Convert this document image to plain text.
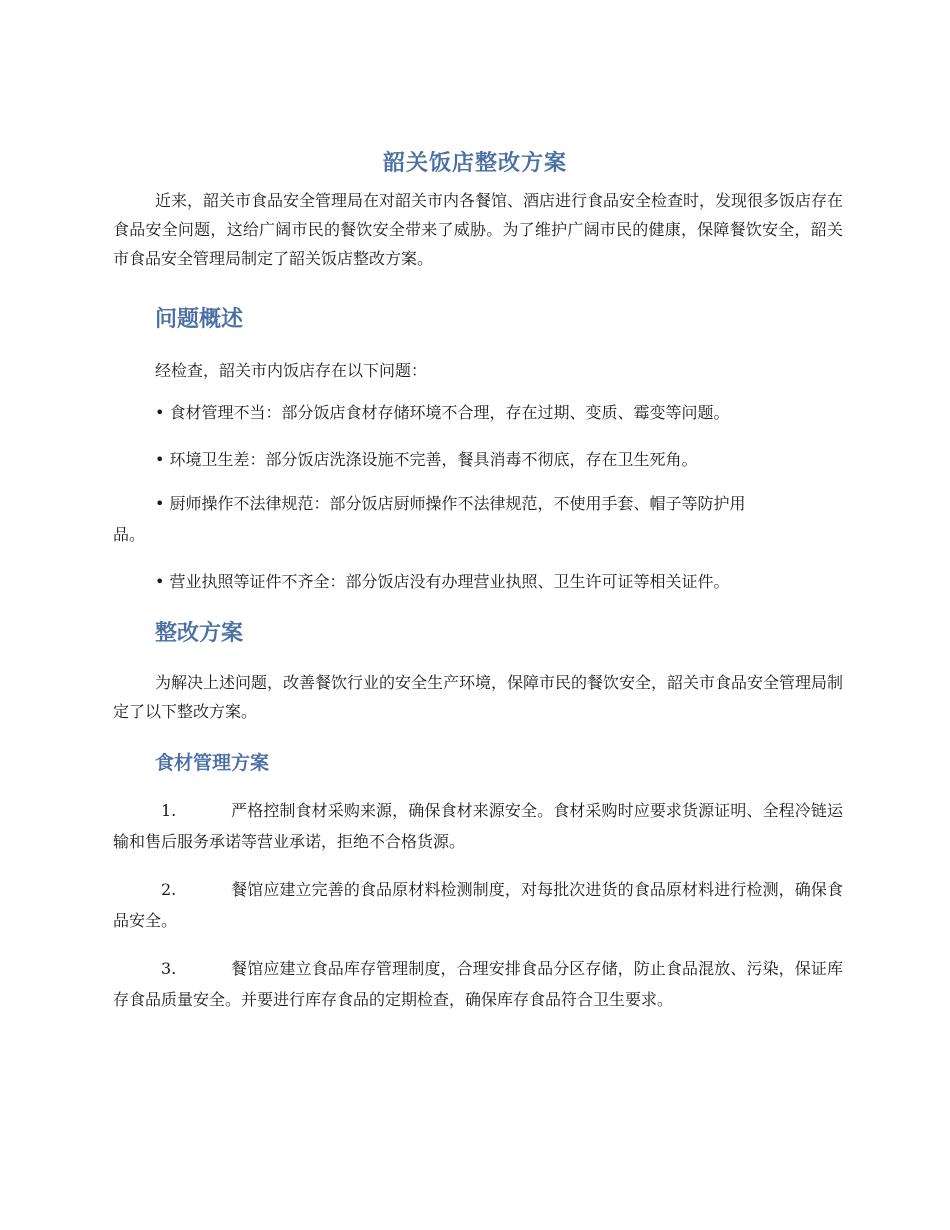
韶关饭店整改方案
近来，韶关市食品安全管理局在对韶关市内各餐馆、酒店进行食品安全检查时，发现很多饭店存在食品安全问题，这给广阔市民的餐饮安全带来了威胁。为了维护广阔市民的健康，保障餐饮安全，韶关市食品安全管理局制定了韶关饭店整改方案。
问题概述
经检查，韶关市内饭店存在以下问题：
• 食材管理不当：部分饭店食材存储环境不合理，存在过期、变质、霉变等问题。
• 环境卫生差：部分饭店洗涤设施不完善，餐具消毒不彻底，存在卫生死角。
• 厨师操作不法律规范：部分饭店厨师操作不法律规范，不使用手套、帽子等防护用
品。
• 营业执照等证件不齐全：部分饭店没有办理营业执照、卫生许可证等相关证件。
整改方案
为解决上述问题，改善餐饮行业的安全生产环境，保障市民的餐饮安全，韶关市食品安全管理局制定了以下整改方案。
食材管理方案
1.	严格控制食材采购来源，确保食材来源安全。食材采购时应要求货源证明、全程冷链运输和售后服务承诺等营业承诺，拒绝不合格货源。
2.	餐馆应建立完善的食品原材料检测制度，对每批次进货的食品原材料进行检测，确保食品安全。
3.	餐馆应建立食品库存管理制度，合理安排食品分区存储，防止食品混放、污染，保证库存食品质量安全。并要进行库存食品的定期检查，确保库存食品符合卫生要求。
